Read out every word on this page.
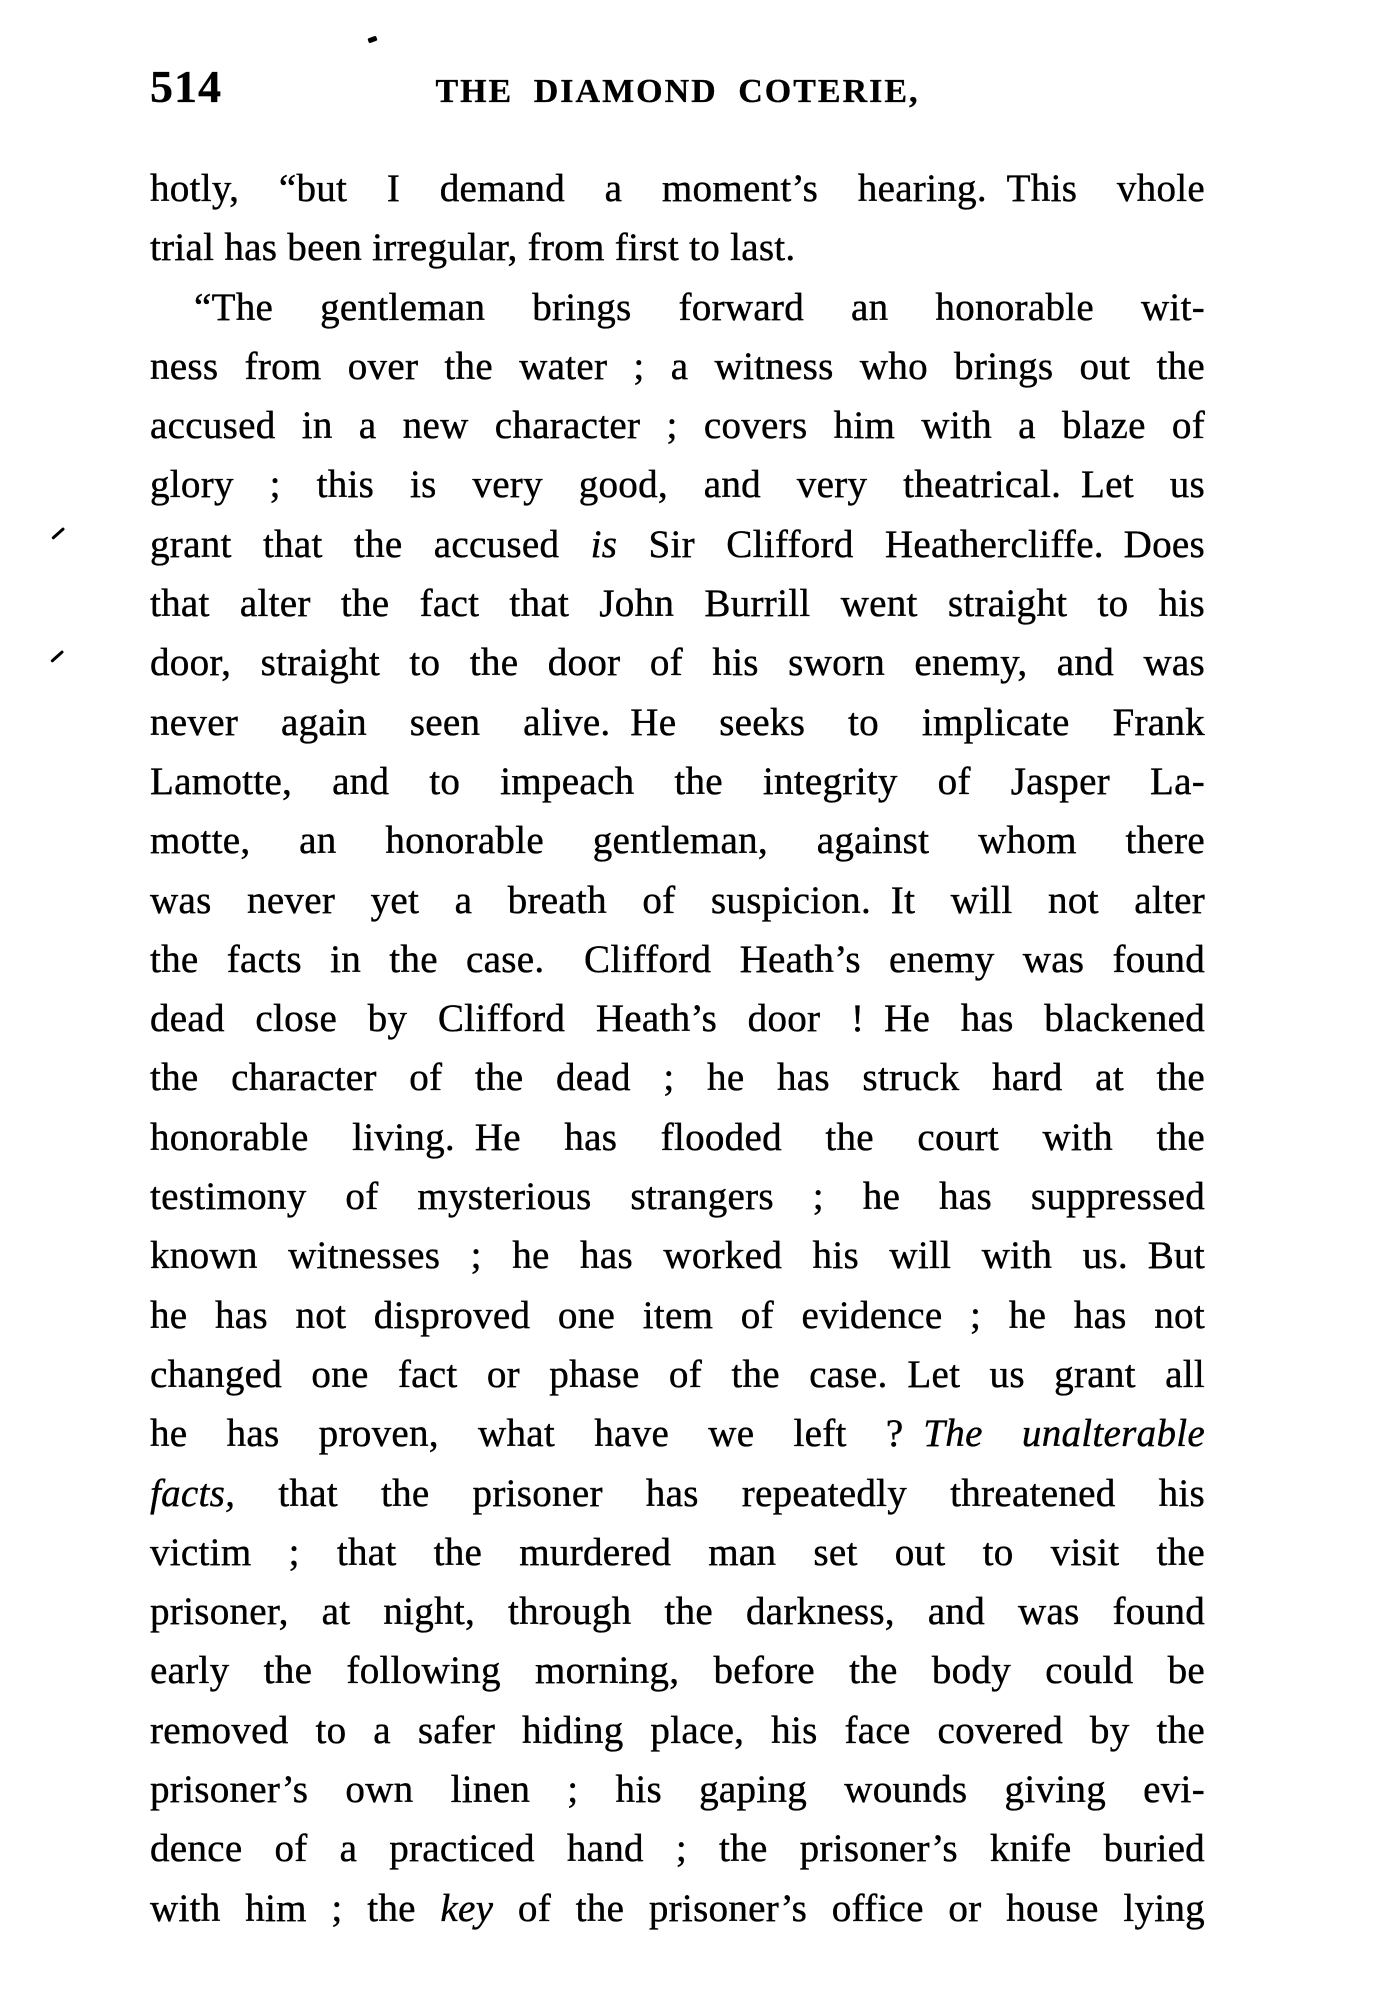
514	THE DIAMOND COTERIE,
hotly, “but I demand a moment’s hearing. This vhole
trial has been irregular, from first to last.
“The gentleman brings forward an honorable wit-
ness from over the water ; a witness who brings out the
accused in a new character ; covers him with a blaze of
glory ; this is very good, and very theatrical. Let us
grant that the accused is Sir Clifford Heathercliffe. Does
that alter the fact that John Burrill went straight to his
door, straight to the door of his sworn enemy, and was
never again seen alive. He seeks to implicate Frank
Lamotte, and to impeach the integrity of Jasper La-
motte, an honorable gentleman, against whom there
was never yet a breath of suspicion. It will not alter
the facts in the case.  Clifford Heath’s enemy was found
dead close by Clifford Heath’s door ! He has blackened
the character of the dead ; he has struck hard at the
honorable living. He has flooded the court with the
testimony of mysterious strangers ; he has suppressed
known witnesses ; he has worked his will with us. But
he has not disproved one item of evidence ; he has not
changed one fact or phase of the case. Let us grant all
he has proven, what have we left ? The unalterable
facts, that the prisoner has repeatedly threatened his
victim ; that the murdered man set out to visit the
prisoner, at night, through the darkness, and was found
early the following morning, before the body could be
removed to a safer hiding place, his face covered by the
prisoner’s own linen ; his gaping wounds giving evi-
dence of a practiced hand ; the prisoner’s knife buried
with him ; the key of the prisoner’s office or house lying
